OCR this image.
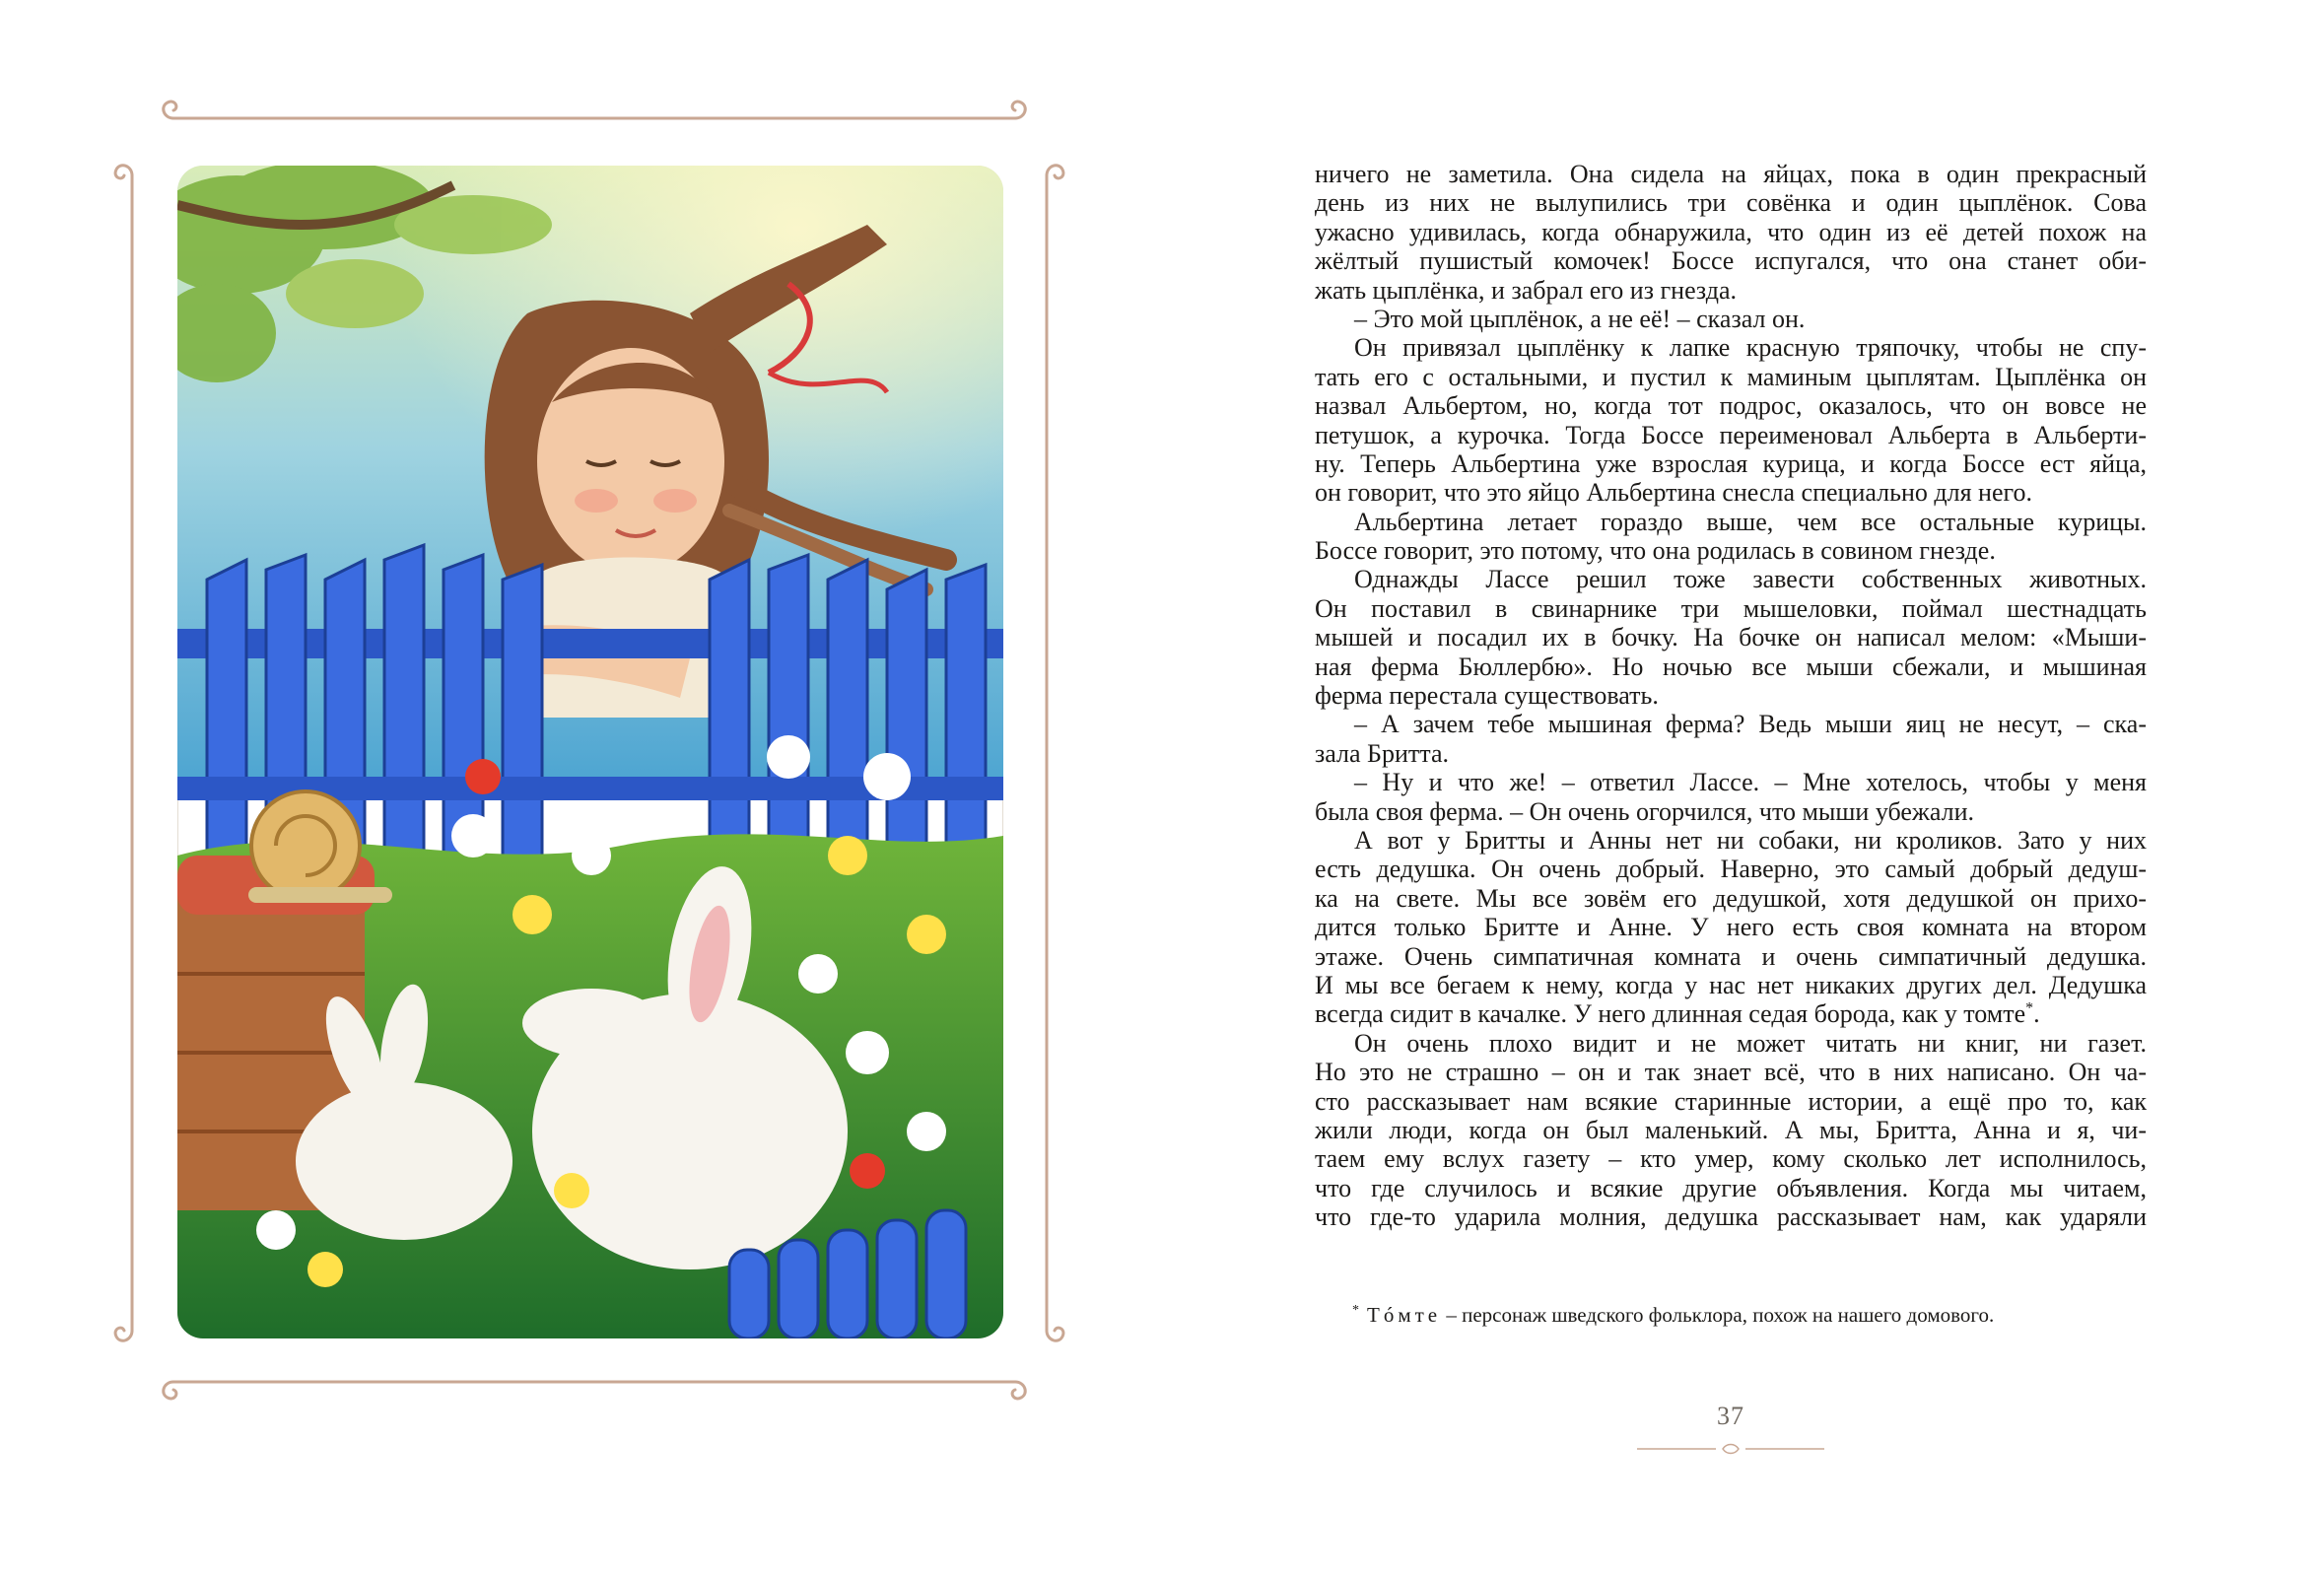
ничего не заметила. Она сидела на яйцах, пока в один прекрасный
день из них не вылупились три совёнка и один цыплёнок. Сова
ужасно удивилась, когда обнаружила, что один из её детей похож на
жёлтый пушистый комочек! Боссе испугался, что она станет оби-
жать цыплёнка, и забрал его из гнезда.
– Это мой цыплёнок, а не её! – сказал он.
Он привязал цыплёнку к лапке красную тряпочку, чтобы не спу-
тать его с остальными, и пустил к маминым цыплятам. Цыплёнка он
назвал Альбертом, но, когда тот подрос, оказалось, что он вовсе не
петушок, а курочка. Тогда Боссе переименовал Альберта в Альберти-
ну. Теперь Альбертина уже взрослая курица, и когда Боссе ест яйца,
он говорит, что это яйцо Альбертина снесла специально для него.
Альбертина летает гораздо выше, чем все остальные курицы.
Боссе говорит, это потому, что она родилась в совином гнезде.
Однажды Лассе решил тоже завести собственных животных.
Он поставил в свинарнике три мышеловки, поймал шестнадцать
мышей и посадил их в бочку. На бочке он написал мелом: «Мыши-
ная ферма Бюллербю». Но ночью все мыши сбежали, и мышиная
ферма перестала существовать.
– А зачем тебе мышиная ферма? Ведь мыши яиц не несут, – ска-
зала Бритта.
– Ну и что же! – ответил Лассе. – Мне хотелось, чтобы у меня
была своя ферма. – Он очень огорчился, что мыши убежали.
А вот у Бритты и Анны нет ни собаки, ни кроликов. Зато у них
есть дедушка. Он очень добрый. Наверно, это самый добрый дедуш-
ка на свете. Мы все зовём его дедушкой, хотя дедушкой он прихо-
дится только Бритте и Анне. У него есть своя комната на втором
этаже. Очень симпатичная комната и очень симпатичный дедушка.
И мы все бегаем к нему, когда у нас нет никаких других дел. Дедушка
всегда сидит в качалке. У него длинная седая борода, как у томте*.
Он очень плохо видит и не может читать ни книг, ни газет.
Но это не страшно – он и так знает всё, что в них написано. Он ча-
сто рассказывает нам всякие старинные истории, а ещё про то, как
жили люди, когда он был маленький. А мы, Бритта, Анна и я, чи-
таем ему вслух газету – кто умер, кому сколько лет исполнилось,
что где случилось и всякие другие объявления. Когда мы читаем,
что где-то ударила молния, дедушка рассказывает нам, как ударяли
* Тóмте – персонаж шведского фольклора, похож на нашего домового.
37
